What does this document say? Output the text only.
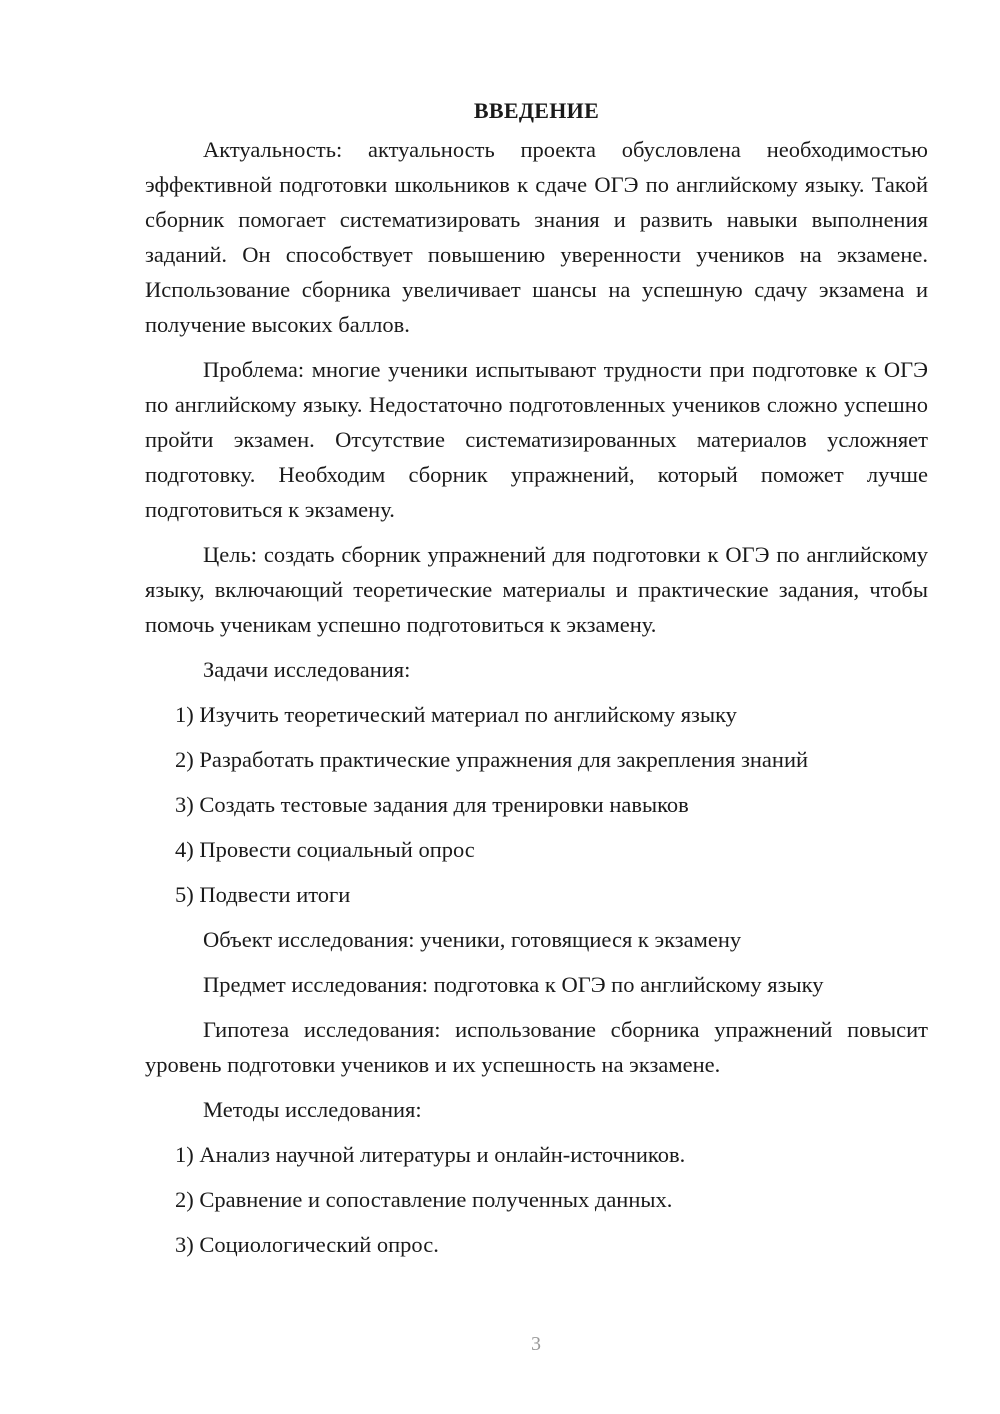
ВВЕДЕНИЕ

Актуальность: актуальность проекта обусловлена необходимостью эффективной подготовки школьников к сдаче ОГЭ по английскому языку. Такой сборник помогает систематизировать знания и развить навыки выполнения заданий. Он способствует повышению уверенности учеников на экзамене. Использование сборника увеличивает шансы на успешную сдачу экзамена и получение высоких баллов.

Проблема: многие ученики испытывают трудности при подготовке к ОГЭ по английскому языку. Недостаточно подготовленных учеников сложно успешно пройти экзамен. Отсутствие систематизированных материалов усложняет подготовку. Необходим сборник упражнений, который поможет лучше подготовиться к экзамену.

Цель: создать сборник упражнений для подготовки к ОГЭ по английскому языку, включающий теоретические материалы и практические задания, чтобы помочь ученикам успешно подготовиться к экзамену.

Задачи исследования:

1) Изучить теоретический материал по английскому языку

2) Разработать практические упражнения для закрепления знаний

3) Создать тестовые задания для тренировки навыков

4) Провести социальный опрос

5) Подвести итоги

Объект исследования: ученики, готовящиеся к экзамену

Предмет исследования: подготовка к ОГЭ по английскому языку

Гипотеза исследования: использование сборника упражнений повысит уровень подготовки учеников и их успешность на экзамене.

Методы исследования:

1) Анализ научной литературы и онлайн-источников.

2) Сравнение и сопоставление полученных данных.

3) Социологический опрос.

3
